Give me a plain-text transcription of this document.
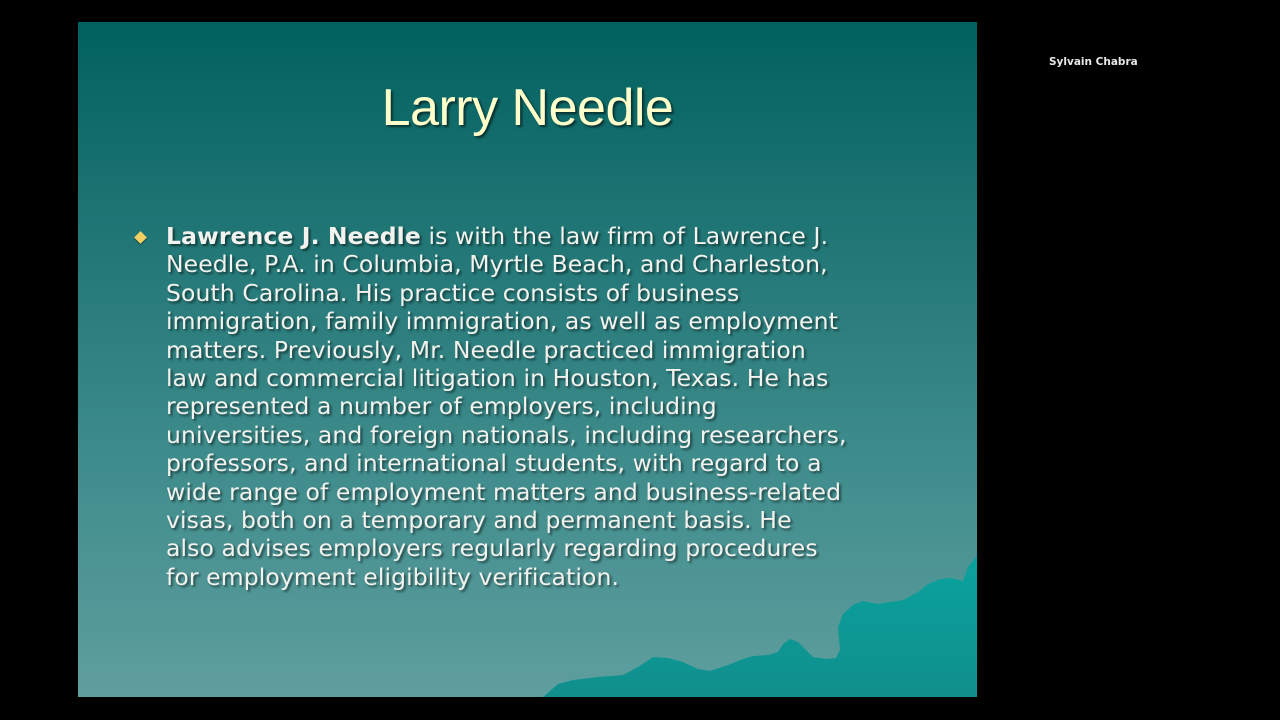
Larry Needle
Lawrence J. Needle is with the law firm of Lawrence J.
Needle, P.A. in Columbia, Myrtle Beach, and Charleston,
South Carolina. His practice consists of business
immigration, family immigration, as well as employment
matters. Previously, Mr. Needle practiced immigration
law and commercial litigation in Houston, Texas. He has
represented a number of employers, including
universities, and foreign nationals, including researchers,
professors, and international students, with regard to a
wide range of employment matters and business-related
visas, both on a temporary and permanent basis. He
also advises employers regularly regarding procedures
for employment eligibility verification.
Sylvain Chabra
